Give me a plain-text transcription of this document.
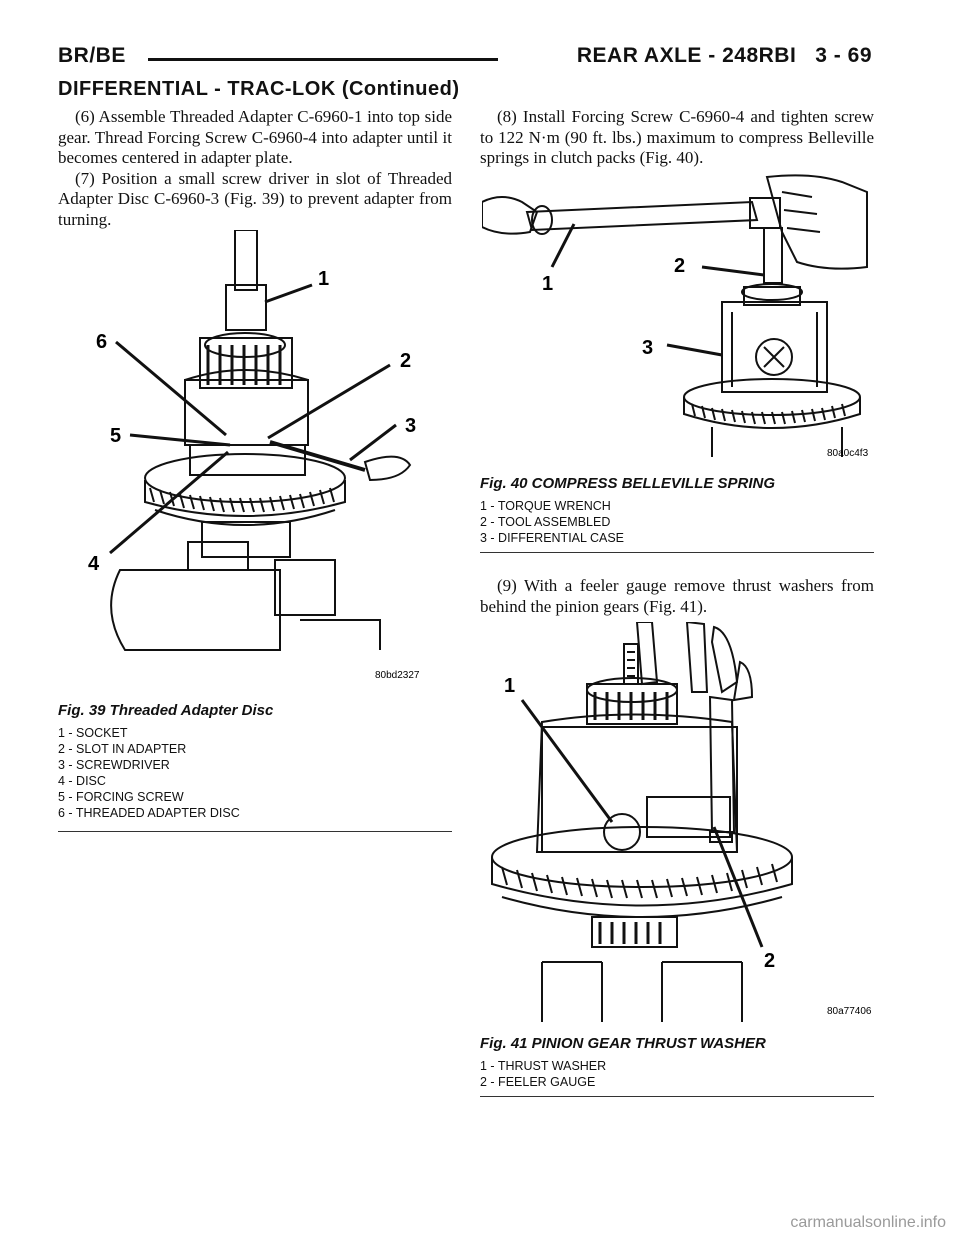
BR/BE	REAR AXLE - 248RBI   3 - 69
DIFFERENTIAL - TRAC-LOK (Continued)

(6) Assemble Threaded Adapter C-6960-1 into top side gear. Thread Forcing Screw C-6960-4 into adapter until it becomes centered in adapter plate.

(7) Position a small screw driver in slot of Threaded Adapter Disc C-6960-3 (Fig. 39) to prevent adapter from turning.

(8) Install Forcing Screw C-6960-4 and tighten screw to 122 N·m (90 ft. lbs.) maximum to compress Belleville springs in clutch packs (Fig. 40).

(9) With a feeler gauge remove thrust washers from behind the pinion gears (Fig. 41).

1
2
3
4
5
6
80bd2327
Fig. 39 Threaded Adapter Disc
1 - SOCKET
2 - SLOT IN ADAPTER
3 - SCREWDRIVER
4 - DISC
5 - FORCING SCREW
6 - THREADED ADAPTER DISC
1
2
3
80a0c4f3
Fig. 40 COMPRESS BELLEVILLE SPRING
1 - TORQUE WRENCH
2 - TOOL ASSEMBLED
3 - DIFFERENTIAL CASE
1
2
80a77406
Fig. 41 PINION GEAR THRUST WASHER
1 - THRUST WASHER
2 - FEELER GAUGE
carmanualsonline.info
